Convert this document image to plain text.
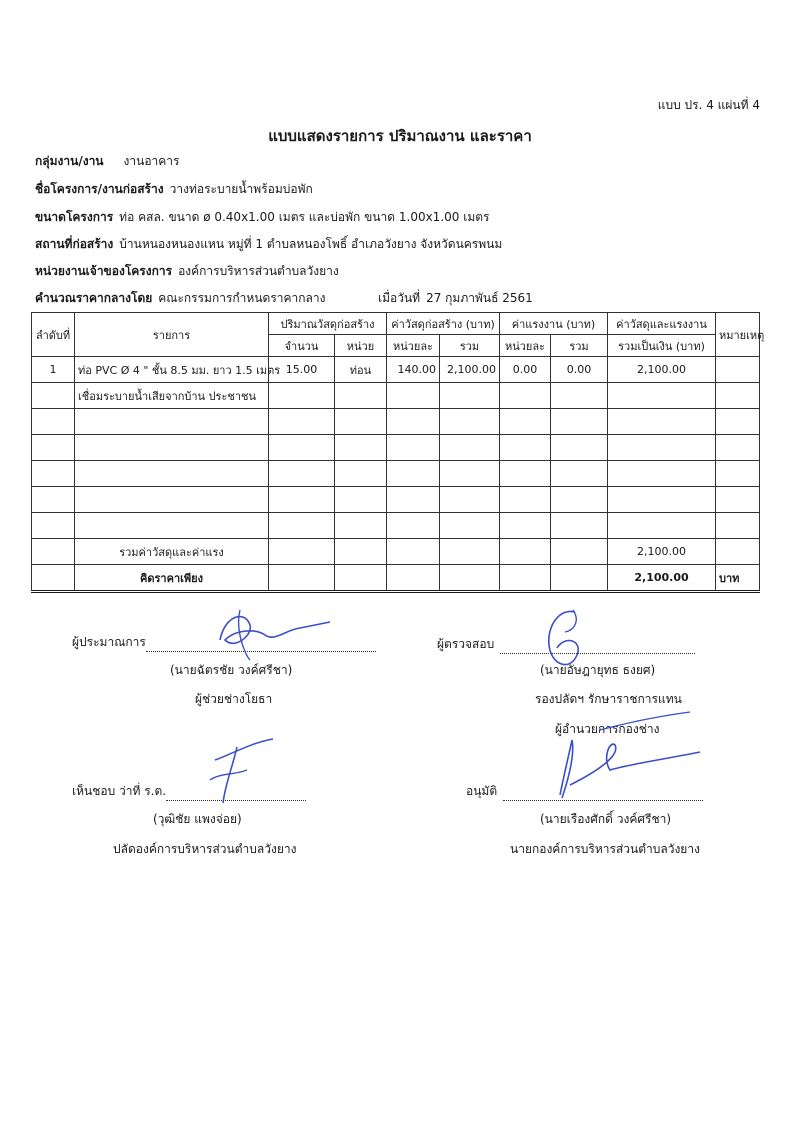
แบบ ปร. 4 แผ่นที่ 4
แบบแสดงรายการ ปริมาณงาน และราคา
กลุ่มงาน/งาน งานอาคาร
ชื่อโครงการ/งานก่อสร้าง วางท่อระบายน้ำพร้อมบ่อพัก
ขนาดโครงการ ท่อ คสล. ขนาด ø 0.40x1.00 เมตร และบ่อพัก ขนาด 1.00x1.00 เมตร
สถานที่ก่อสร้าง บ้านหนองหนองแหน หมู่ที่ 1 ตำบลหนองโพธิ์ อำเภอวังยาง จังหวัดนครพนม
หน่วยงานเจ้าของโครงการ องค์การบริหารส่วนตำบลวังยาง
คำนวณราคากลางโดย คณะกรรมการกำหนดราคากลาง	เมื่อวันที่ 27 กุมภาพันธ์ 2561
ลำดับที่	รายการ	ปริมาณวัสดุก่อสร้าง		ค่าวัสดุก่อสร้าง (บาท)		ค่าแรงงาน (บาท)		ค่าวัสดุและแรงงาน	หมายเหตุ
		จำนวน	หน่วย	หน่วยละ	รวม	หน่วยละ	รวม	รวมเป็นเงิน (บาท)	
1	ท่อ PVC Ø 4 " ชั้น 8.5 มม. ยาว 1.5 เมตร	15.00	ท่อน	140.00	2,100.00	0.00	0.00	2,100.00	
	เชื่อมระบายน้ำเสียจากบ้าน ประชาชน								

	รวมค่าวัสดุและค่าแรง							2,100.00	
	คิดราคาเพียง							2,100.00	บาท
ผู้ประมาณการ
(นายฉัตรชัย วงค์ศรีชา)
ผู้ช่วยช่างโยธา
ผู้ตรวจสอบ
(นายอัษฎายุทธ ธงยศ)
รองปลัดฯ รักษาราชการแทน
ผู้อำนวยการกองช่าง
เห็นชอบ ว่าที่ ร.ต.
(วุฒิชัย แพงจ่อย)
ปลัดองค์การบริหารส่วนตำบลวังยาง
อนุมัติ
(นายเรืองศักดิ์ วงค์ศรีชา)
นายกองค์การบริหารส่วนตำบลวังยาง
